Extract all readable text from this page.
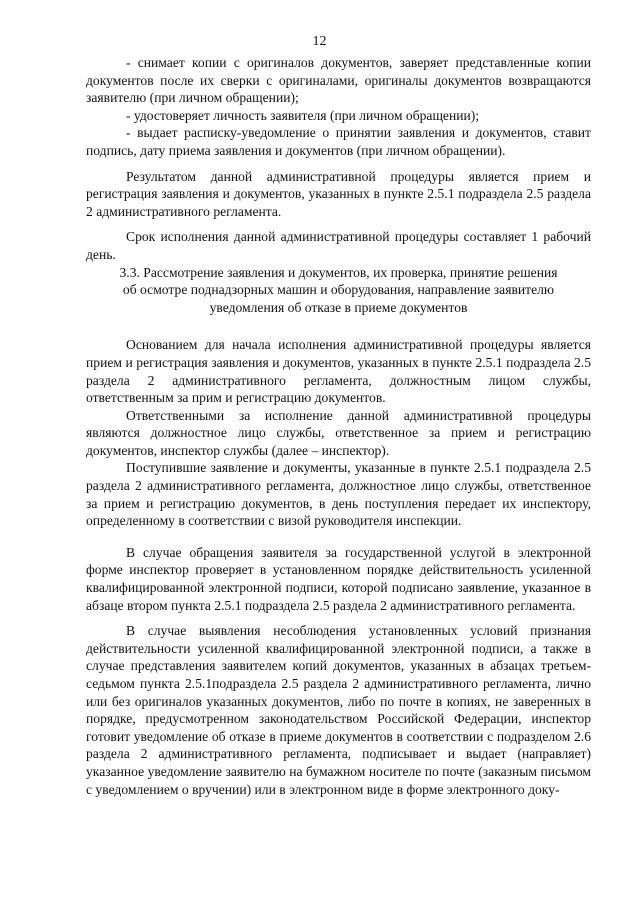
12

- снимает копии с оригиналов документов, заверяет представленные копии документов после их сверки с оригиналами, оригиналы документов возвращаются заявителю (при личном обращении);

- удостоверяет личность заявителя (при личном обращении);

- выдает расписку-уведомление о принятии заявления и документов, ставит подпись, дату приема заявления и документов (при личном обращении).

Результатом данной административной процедуры является прием и регистрация заявления и документов, указанных в пункте 2.5.1 подраздела 2.5 раздела 2 административного регламента.

Срок исполнения данной административной процедуры составляет 1 рабочий день.

3.3. Рассмотрение заявления и документов, их проверка, принятие решения
об осмотре поднадзорных машин и оборудования, направление заявителю
уведомления об отказе в приеме документов

Основанием для начала исполнения административной процедуры является прием и регистрация заявления и документов, указанных в пункте 2.5.1 подраздела 2.5 раздела 2 административного регламента, должностным лицом службы, ответственным за прим и регистрацию документов.

Ответственными за исполнение данной административной процедуры являются должностное лицо службы, ответственное за прием и регистрацию документов, инспектор службы (далее – инспектор).

Поступившие заявление и документы, указанные в пункте 2.5.1 подраздела 2.5 раздела 2 административного регламента, должностное лицо службы, ответственное за прием и регистрацию документов, в день поступления передает их инспектору, определенному в соответствии с визой руководителя инспекции.

В случае обращения заявителя за государственной услугой в электронной форме инспектор проверяет в установленном порядке действительность усиленной квалифицированной электронной подписи, которой подписано заявление, указанное в абзаце втором пункта 2.5.1 подраздела 2.5 раздела 2 административного регламента.

В случае выявления несоблюдения установленных условий признания действительности усиленной квалифицированной электронной подписи, а также в случае представления заявителем копий документов, указанных в абзацах третьем-седьмом пункта 2.5.1подраздела 2.5 раздела 2 административного регламента, лично или без оригиналов указанных документов, либо по почте в копиях, не заверенных в порядке, предусмотренном законодательством Российской Федерации, инспектор готовит уведомление об отказе в приеме документов в соответствии с подразделом 2.6 раздела 2 административного регламента, подписывает и выдает (направляет) указанное уведомление заявителю на бумажном носителе по почте (заказным письмом с уведомлением о вручении) или в электронном виде в форме электронного доку-
